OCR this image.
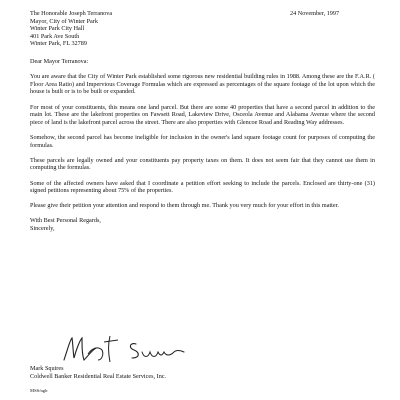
The Honorable Joseph Terranova
Mayor, City of Winter Park
Winter Park City Hall
401 Park Ave South
Winter Park, FL 32789
24 November, 1997
Dear Mayor Terranova:

You are aware that the City of Winter Park established some rigorous new residential building rules in 1988. Among these are the F.A.R. ( Floor Area Ratio) and Impervious Coverage Formulas which are expressed as percentages of the square footage of the lot upon which the house is built or is to be built or expanded.

For most of your constituents, this means one land parcel. But there are some 40 properties that have a second parcel in addition to the main lot. These are the lakefront properties on Fawsett Road, Lakeview Drive, Osceola Avenue and Alabama Avenue where the second piece of land is the lakefront parcel across the street. There are also properties with Glencoe Road and Reading Way addresses.

Somehow, the second parcel has become ineligible for inclusion in the owner's land square footage count for purposes of computing the formulas.

These parcels are legally owned and your constituents pay property taxes on them. It does not seem fair that they cannot use them in computing the formulas.

Some of the affected owners have asked that I coordinate a petition effort seeking to include the parcels. Enclosed are thirty-one (31) signed petitions representing about 75% of the properties.

Please give their petition your attention and respond to them through me. Thank you very much for your effort in this matter.

With Best Personal Regards,
Sincerely,
Mark Squires
Coldwell Banker Residential Real Estate Services, Inc.
MSS/ngb
